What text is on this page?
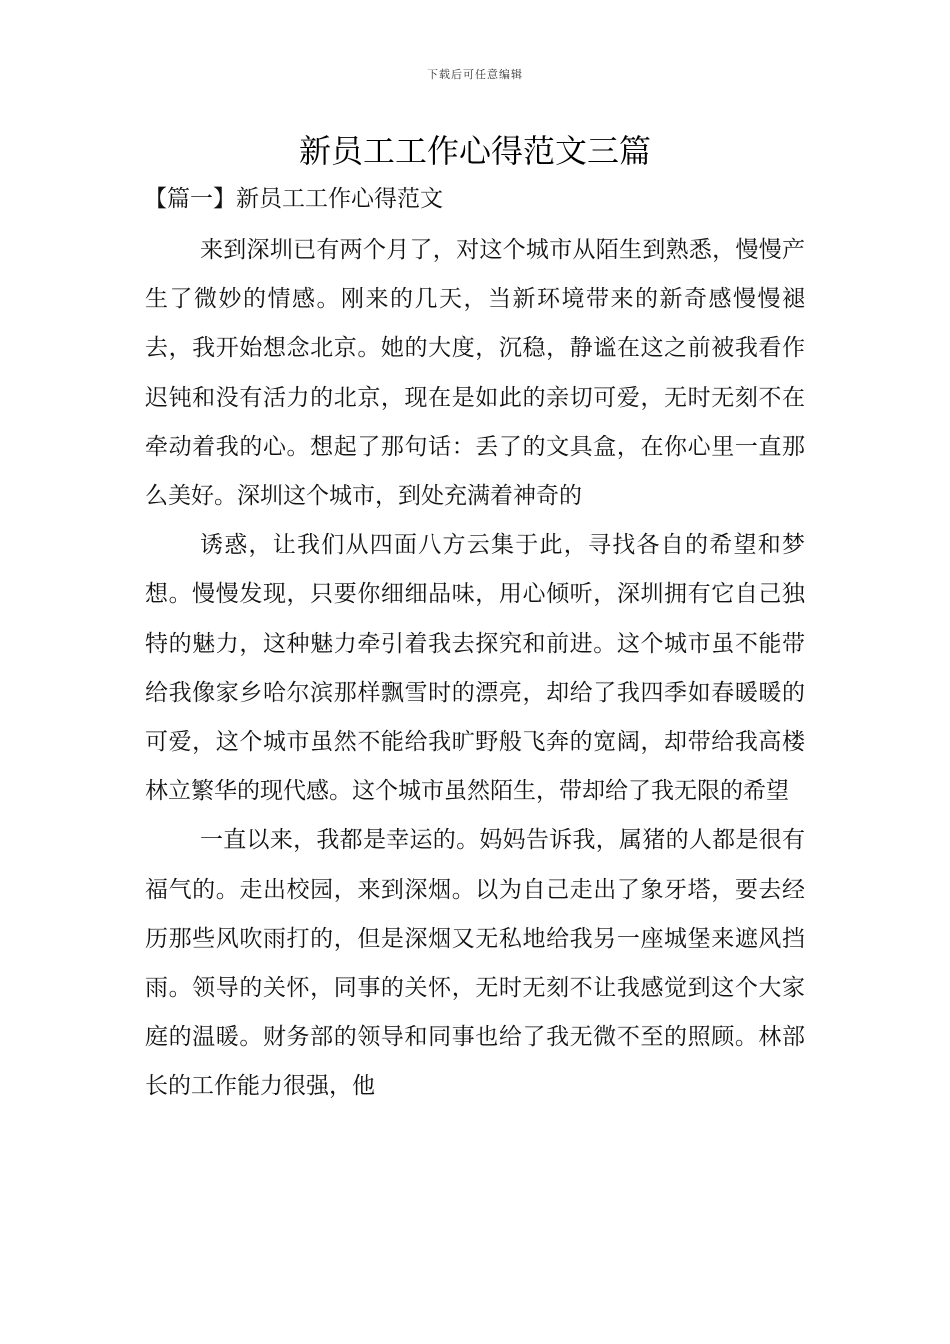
下载后可任意编辑
新员工工作心得范文三篇
【篇一】新员工工作心得范文

来到深圳已有两个月了，对这个城市从陌生到熟悉，慢慢产生了微妙的情感。刚来的几天，当新环境带来的新奇感慢慢褪去，我开始想念北京。她的大度，沉稳，静谧在这之前被我看作迟钝和没有活力的北京，现在是如此的亲切可爱，无时无刻不在牵动着我的心。想起了那句话：丢了的文具盒，在你心里一直那么美好。深圳这个城市，到处充满着神奇的

诱惑，让我们从四面八方云集于此，寻找各自的希望和梦想。慢慢发现，只要你细细品味，用心倾听，深圳拥有它自己独特的魅力，这种魅力牵引着我去探究和前进。这个城市虽不能带给我像家乡哈尔滨那样飘雪时的漂亮，却给了我四季如春暖暖的可爱，这个城市虽然不能给我旷野般飞奔的宽阔，却带给我高楼林立繁华的现代感。这个城市虽然陌生，带却给了我无限的希望

一直以来，我都是幸运的。妈妈告诉我，属猪的人都是很有福气的。走出校园，来到深烟。以为自己走出了象牙塔，要去经历那些风吹雨打的，但是深烟又无私地给我另一座城堡来遮风挡雨。领导的关怀，同事的关怀，无时无刻不让我感觉到这个大家庭的温暖。财务部的领导和同事也给了我无微不至的照顾。林部长的工作能力很强，他
